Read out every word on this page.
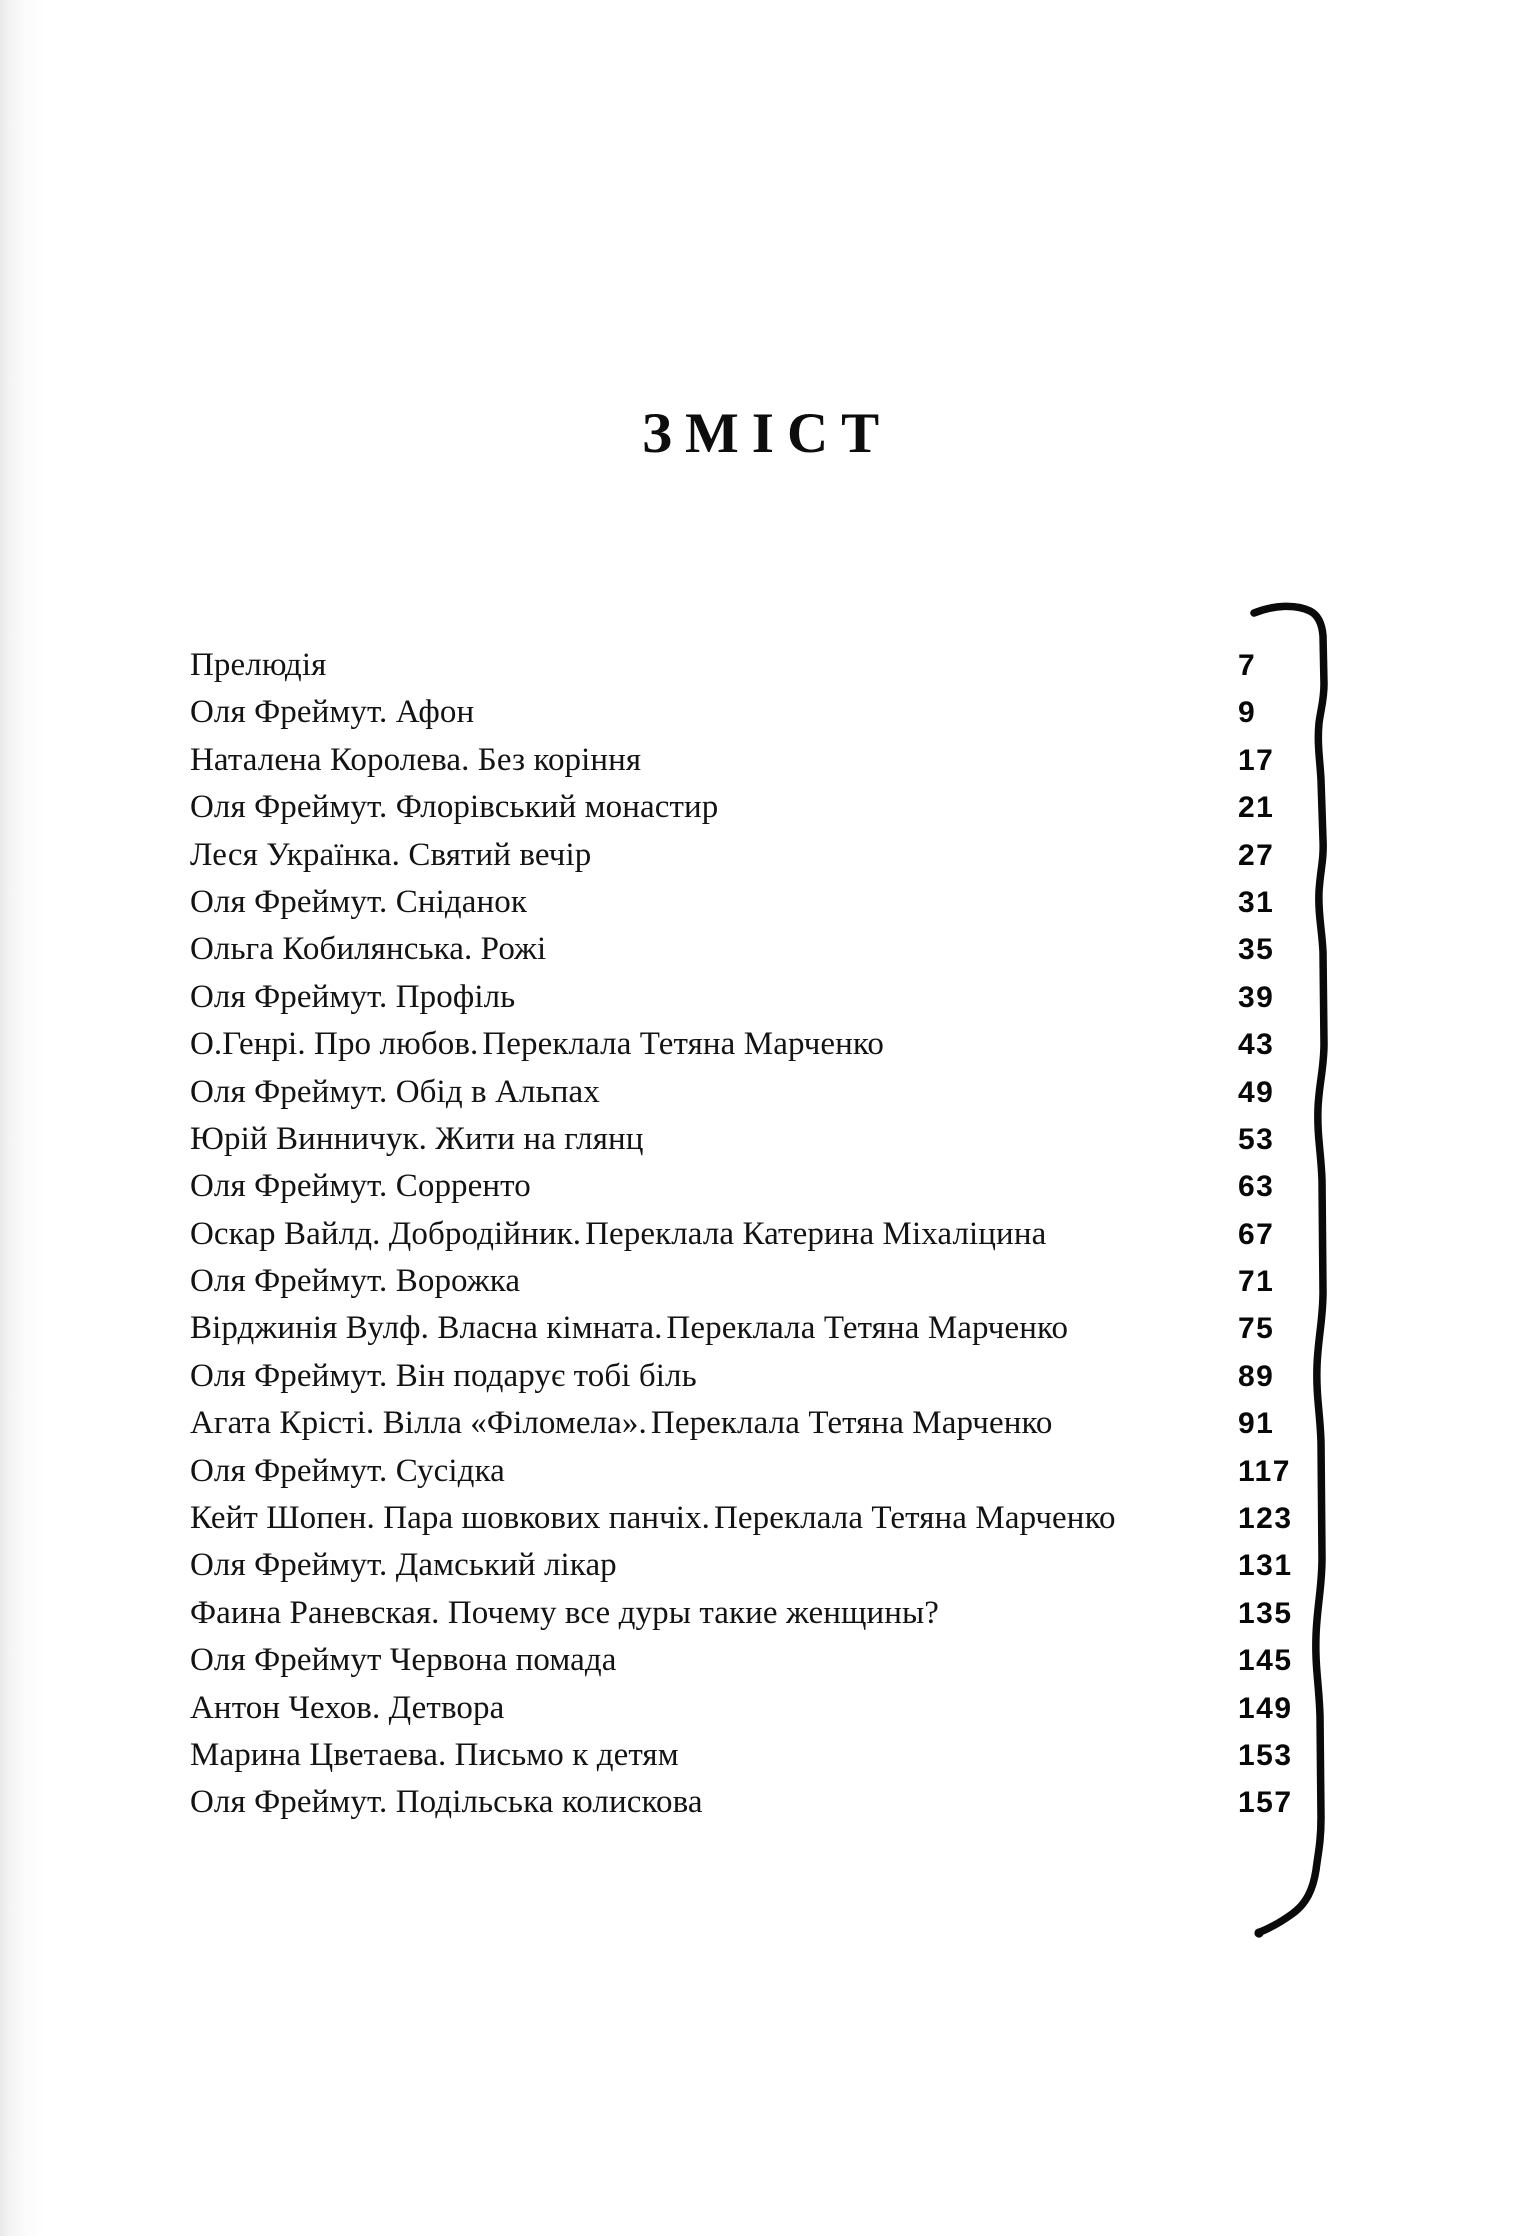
ЗМІСТ
Прелюдія	7
Оля Фреймут. Афон	9
Наталена Королева. Без коріння	17
Оля Фреймут. Флорівський монастир	21
Леся Українка. Святий вечір	27
Оля Фреймут. Сніданок	31
Ольга Кобилянська. Рожі	35
Оля Фреймут. Профіль	39
О.Генрі. Про любов. Переклала Тетяна Марченко	43
Оля Фреймут. Обід в Альпах	49
Юрій Винничук. Жити на глянц	53
Оля Фреймут. Сорренто	63
Оскар Вайлд. Добродійник. Переклала Катерина Міхаліцина	67
Оля Фреймут. Ворожка	71
Вірджинія Вулф. Власна кімната. Переклала Тетяна Марченко	75
Оля Фреймут. Він подарує тобі біль	89
Агата Крісті. Вілла «Філомела». Переклала Тетяна Марченко	91
Оля Фреймут. Сусідка	117
Кейт Шопен. Пара шовкових панчіх. Переклала Тетяна Марченко	123
Оля Фреймут. Дамський лікар	131
Фаина Раневская. Почему все дуры такие женщины?	135
Оля Фреймут Червона помада	145
Антон Чехов. Детвора	149
Марина Цветаева. Письмо к детям	153
Оля Фреймут. Подільська колискова	157
